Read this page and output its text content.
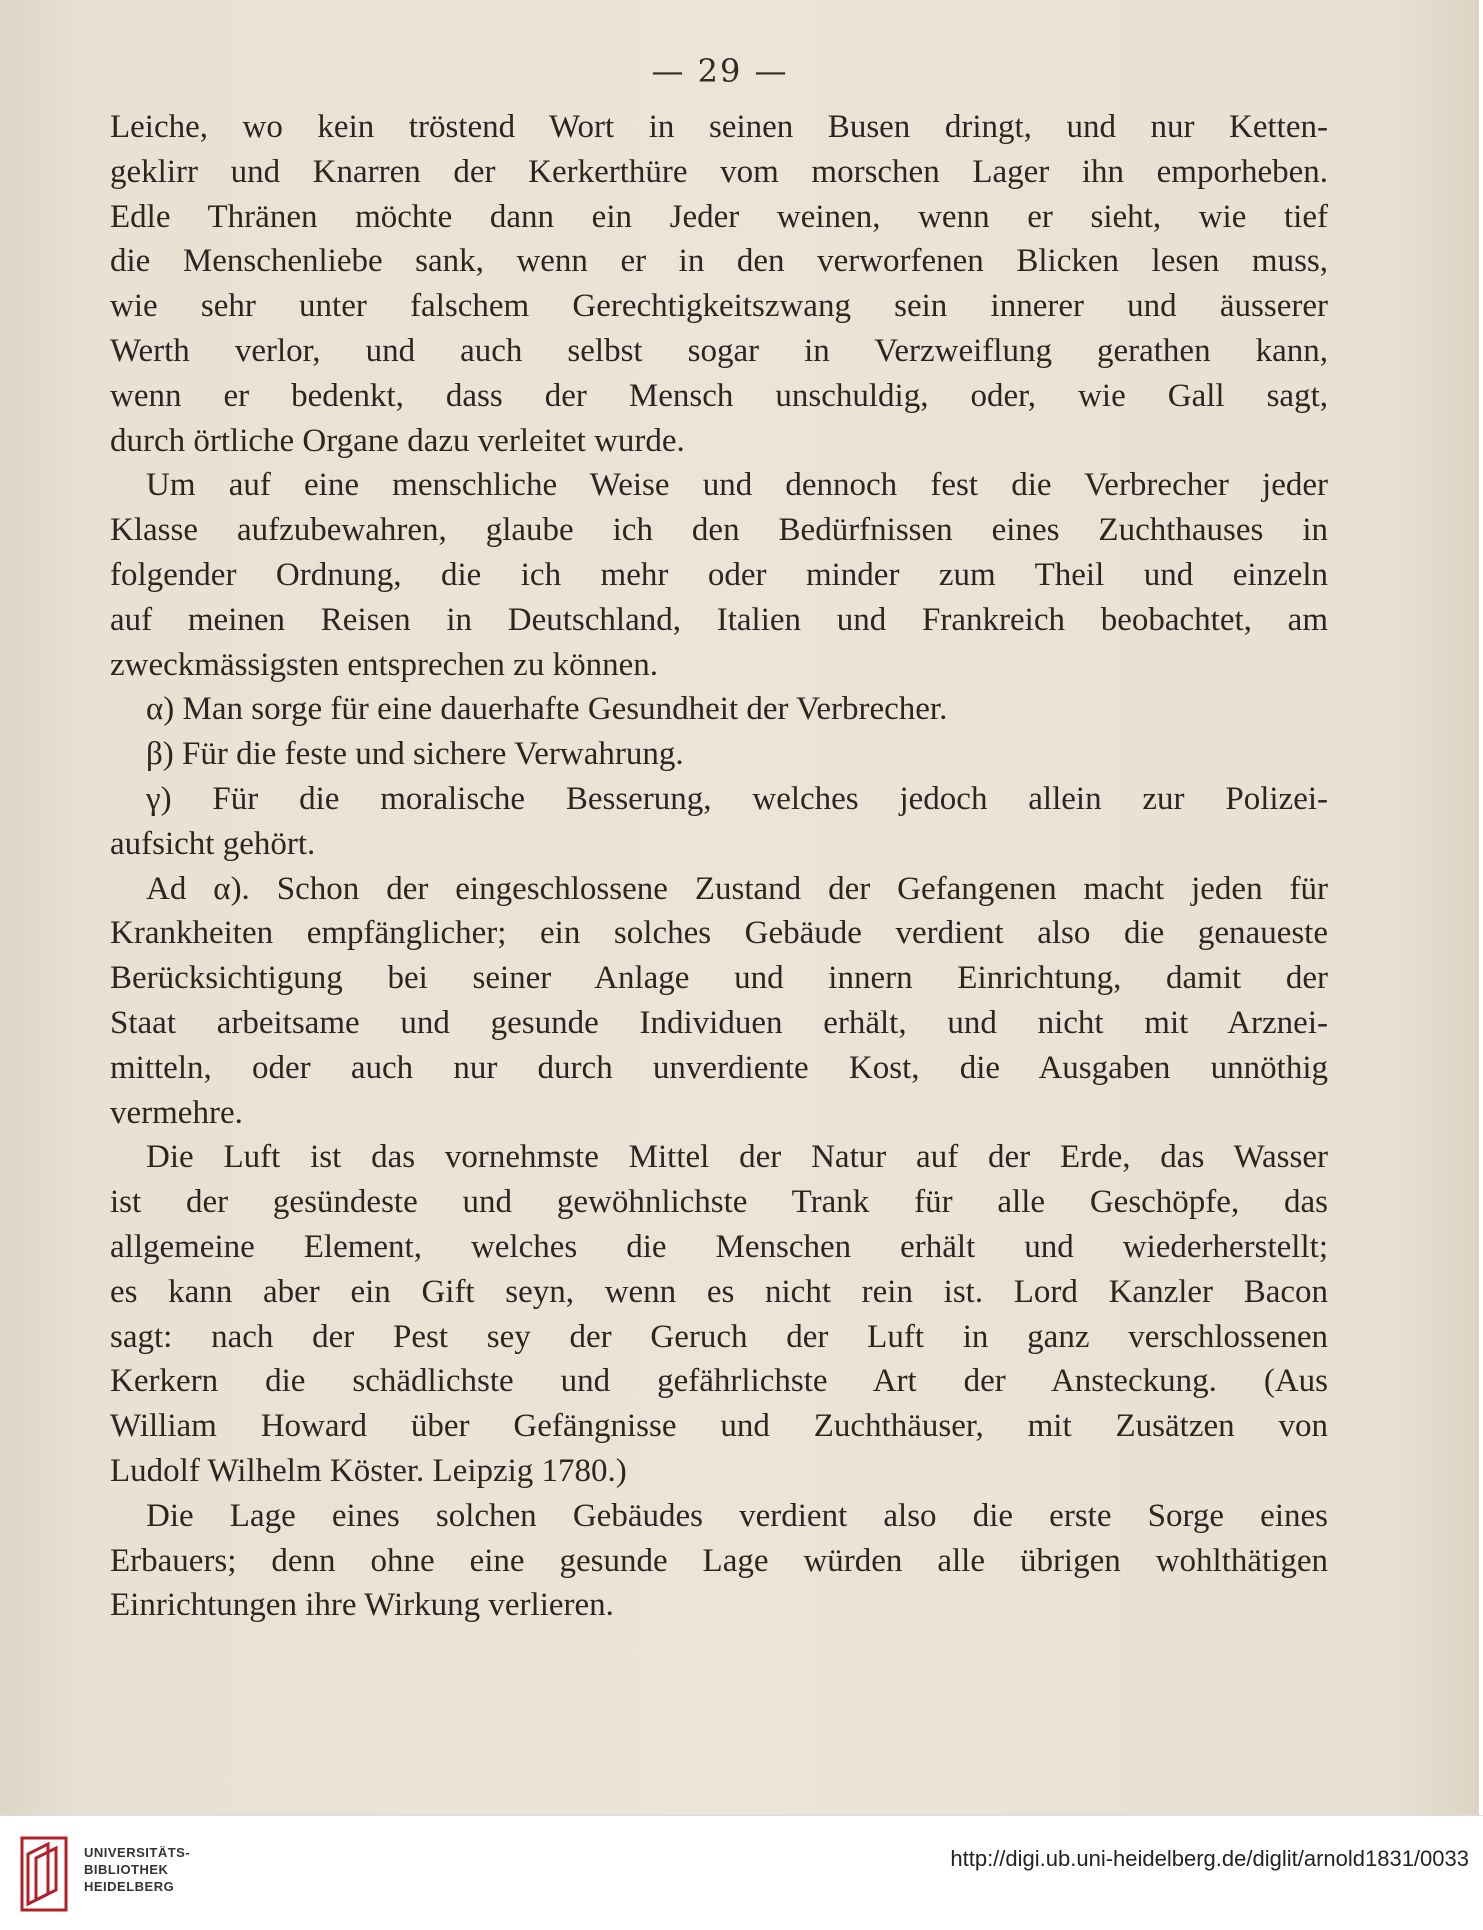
— 29 —
Leiche, wo kein tröstend Wort in seinen Busen dringt, und nur Ketten-
geklirr und Knarren der Kerkerthüre vom morschen Lager ihn emporheben.
Edle Thränen möchte dann ein Jeder weinen, wenn er sieht, wie tief
die Menschenliebe sank, wenn er in den verworfenen Blicken lesen muss,
wie sehr unter falschem Gerechtigkeitszwang sein innerer und äusserer
Werth verlor, und auch selbst sogar in Verzweiflung gerathen kann,
wenn er bedenkt, dass der Mensch unschuldig, oder, wie Gall sagt,
durch örtliche Organe dazu verleitet wurde.
Um auf eine menschliche Weise und dennoch fest die Verbrecher jeder
Klasse aufzubewahren, glaube ich den Bedürfnissen eines Zuchthauses in
folgender Ordnung, die ich mehr oder minder zum Theil und einzeln
auf meinen Reisen in Deutschland, Italien und Frankreich beobachtet, am
zweckmässigsten entsprechen zu können.
α) Man sorge für eine dauerhafte Gesundheit der Verbrecher.
β) Für die feste und sichere Verwahrung.
γ) Für die moralische Besserung, welches jedoch allein zur Polizei-
aufsicht gehört.
Ad α). Schon der eingeschlossene Zustand der Gefangenen macht jeden für
Krankheiten empfänglicher; ein solches Gebäude verdient also die genaueste
Berücksichtigung bei seiner Anlage und innern Einrichtung, damit der
Staat arbeitsame und gesunde Individuen erhält, und nicht mit Arznei-
mitteln, oder auch nur durch unverdiente Kost, die Ausgaben unnöthig
vermehre.
Die Luft ist das vornehmste Mittel der Natur auf der Erde, das Wasser
ist der gesündeste und gewöhnlichste Trank für alle Geschöpfe, das
allgemeine Element, welches die Menschen erhält und wiederherstellt;
es kann aber ein Gift seyn, wenn es nicht rein ist. Lord Kanzler Bacon
sagt: nach der Pest sey der Geruch der Luft in ganz verschlossenen
Kerkern die schädlichste und gefährlichste Art der Ansteckung. (Aus
William Howard über Gefängnisse und Zuchthäuser, mit Zusätzen von
Ludolf Wilhelm Köster. Leipzig 1780.)
Die Lage eines solchen Gebäudes verdient also die erste Sorge eines
Erbauers; denn ohne eine gesunde Lage würden alle übrigen wohlthätigen
Einrichtungen ihre Wirkung verlieren.
UNIVERSITÄTS-
BIBLIOTHEK
HEIDELBERG
http://digi.ub.uni-heidelberg.de/diglit/arnold1831/0033
